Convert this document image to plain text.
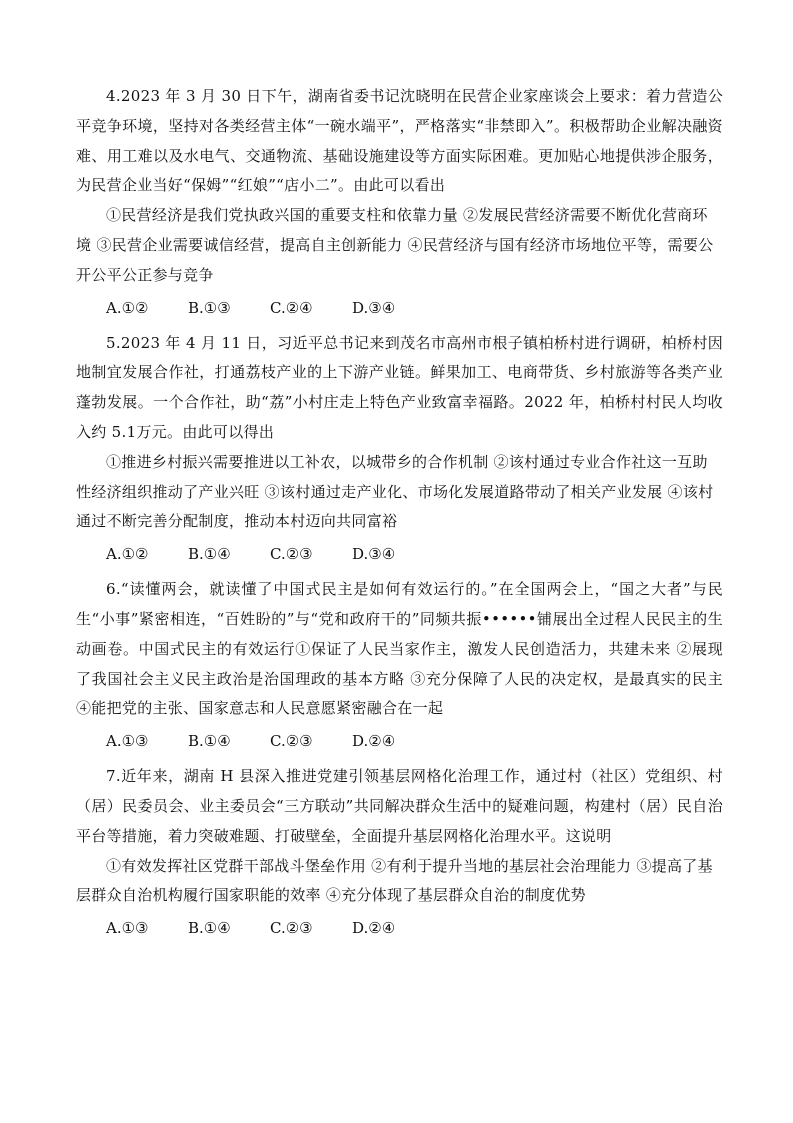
4.2023 年 3 月 30 日下午，湖南省委书记沈晓明在民营企业家座谈会上要求：着力营造公平竞争环境，坚持对各类经营主体“一碗水端平”，严格落实“非禁即入”。积极帮助企业解决融资难、用工难以及水电气、交通物流、基础设施建设等方面实际困难。更加贴心地提供涉企服务，为民营企业当好“保姆”“红娘”“店小二”。由此可以看出

①民营经济是我们党执政兴国的重要支柱和依靠力量 ②发展民营经济需要不断优化营商环境 ③民营企业需要诚信经营，提高自主创新能力 ④民营经济与国有经济市场地位平等，需要公开公平公正参与竞争

A.①②	B.①③	C.②④	D.③④

5.2023 年 4 月 11 日，习近平总书记来到茂名市高州市根子镇柏桥村进行调研，柏桥村因地制宜发展合作社，打通荔枝产业的上下游产业链。鲜果加工、电商带货、乡村旅游等各类产业蓬勃发展。一个合作社，助“荔”小村庄走上特色产业致富幸福路。2022 年，柏桥村村民人均收入约 5.1万元。由此可以得出

①推进乡村振兴需要推进以工补农，以城带乡的合作机制 ②该村通过专业合作社这一互助性经济组织推动了产业兴旺 ③该村通过走产业化、市场化发展道路带动了相关产业发展 ④该村通过不断完善分配制度，推动本村迈向共同富裕

A.①②	B.①④	C.②③	D.③④

6.“读懂两会，就读懂了中国式民主是如何有效运行的。”在全国两会上，“国之大者”与民生“小事”紧密相连，“百姓盼的”与“党和政府干的”同频共振••••••铺展出全过程人民民主的生动画卷。中国式民主的有效运行①保证了人民当家作主，激发人民创造活力，共建未来 ②展现了我国社会主义民主政治是治国理政的基本方略 ③充分保障了人民的决定权，是最真实的民主 ④能把党的主张、国家意志和人民意愿紧密融合在一起

A.①③	B.①④	C.②③	D.②④

7.近年来，湖南 H 县深入推进党建引领基层网格化治理工作，通过村（社区）党组织、村（居）民委员会、业主委员会“三方联动”共同解决群众生活中的疑难问题，构建村（居）民自治平台等措施，着力突破难题、打破壁垒，全面提升基层网格化治理水平。这说明

①有效发挥社区党群干部战斗堡垒作用 ②有利于提升当地的基层社会治理能力 ③提高了基层群众自治机构履行国家职能的效率 ④充分体现了基层群众自治的制度优势

A.①③	B.①④	C.②③	D.②④
